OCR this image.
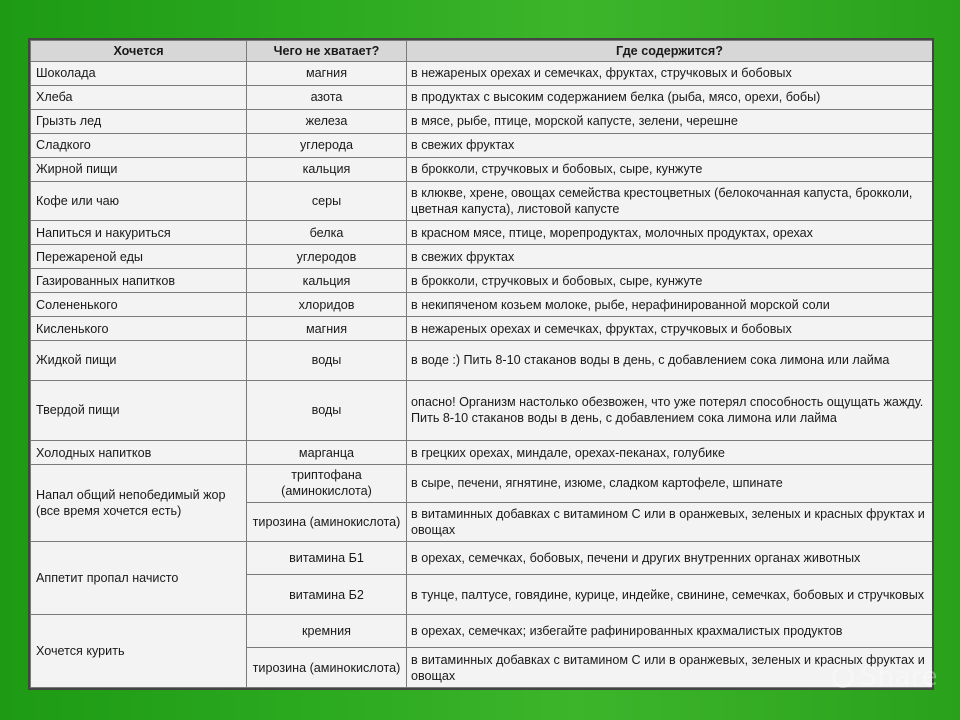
Хочется	Чего не хватает?	Где содержится?
Шоколада	магния	в нежареных орехах и семечках, фруктах, стручковых и бобовых
Хлеба	азота	в продуктах с высоким содержанием белка (рыба, мясо, орехи, бобы)
Грызть лед	железа	в мясе, рыбе, птице, морской капусте, зелени, черешне
Сладкого	углерода	в свежих фруктах
Жирной пищи	кальция	в брокколи, стручковых и бобовых, сыре, кунжуте
Кофе или чаю	серы	в клюкве, хрене, овощах семейства крестоцветных (белокочанная капуста, брокколи, цветная капуста), листовой капусте
Напиться и накуриться	белка	в красном мясе, птице, морепродуктах, молочных продуктах, орехах
Пережареной еды	углеродов	в свежих фруктах
Газированных напитков	кальция	в брокколи, стручковых и бобовых, сыре, кунжуте
Солененького	хлоридов	в некипяченом козьем молоке, рыбе, нерафинированной морской соли
Кисленького	магния	в нежареных орехах и семечках, фруктах, стручковых и бобовых
Жидкой пищи	воды	в воде :) Пить 8-10 стаканов воды в день, с добавлением сока лимона или лайма
Твердой пищи	воды	опасно! Организм настолько обезвожен, что уже потерял способность ощущать жажду. Пить 8-10 стаканов воды в день, с добавлением сока лимона или лайма
Холодных напитков	марганца	в грецких орехах, миндале, орехах-пеканах, голубике
Напал общий непобедимый жор (все время хочется есть)	триптофана (аминокислота)	в сыре, печени, ягнятине, изюме, сладком картофеле, шпинате
	тирозина (аминокислота)	в витаминных добавках с витамином С или в оранжевых, зеленых и красных фруктах и овощах
Аппетит пропал начисто	витамина Б1	в орехах, семечках, бобовых, печени и других внутренних органах животных
	витамина Б2	в тунце, палтусе, говядине, курице, индейке, свинине, семечках, бобовых и стручковых
Хочется курить	кремния	в орехах, семечках; избегайте рафинированных крахмалистых продуктов
	тирозина (аминокислота)	в витаминных добавках с витамином С или в оранжевых, зеленых и красных фруктах и овощах	Share
